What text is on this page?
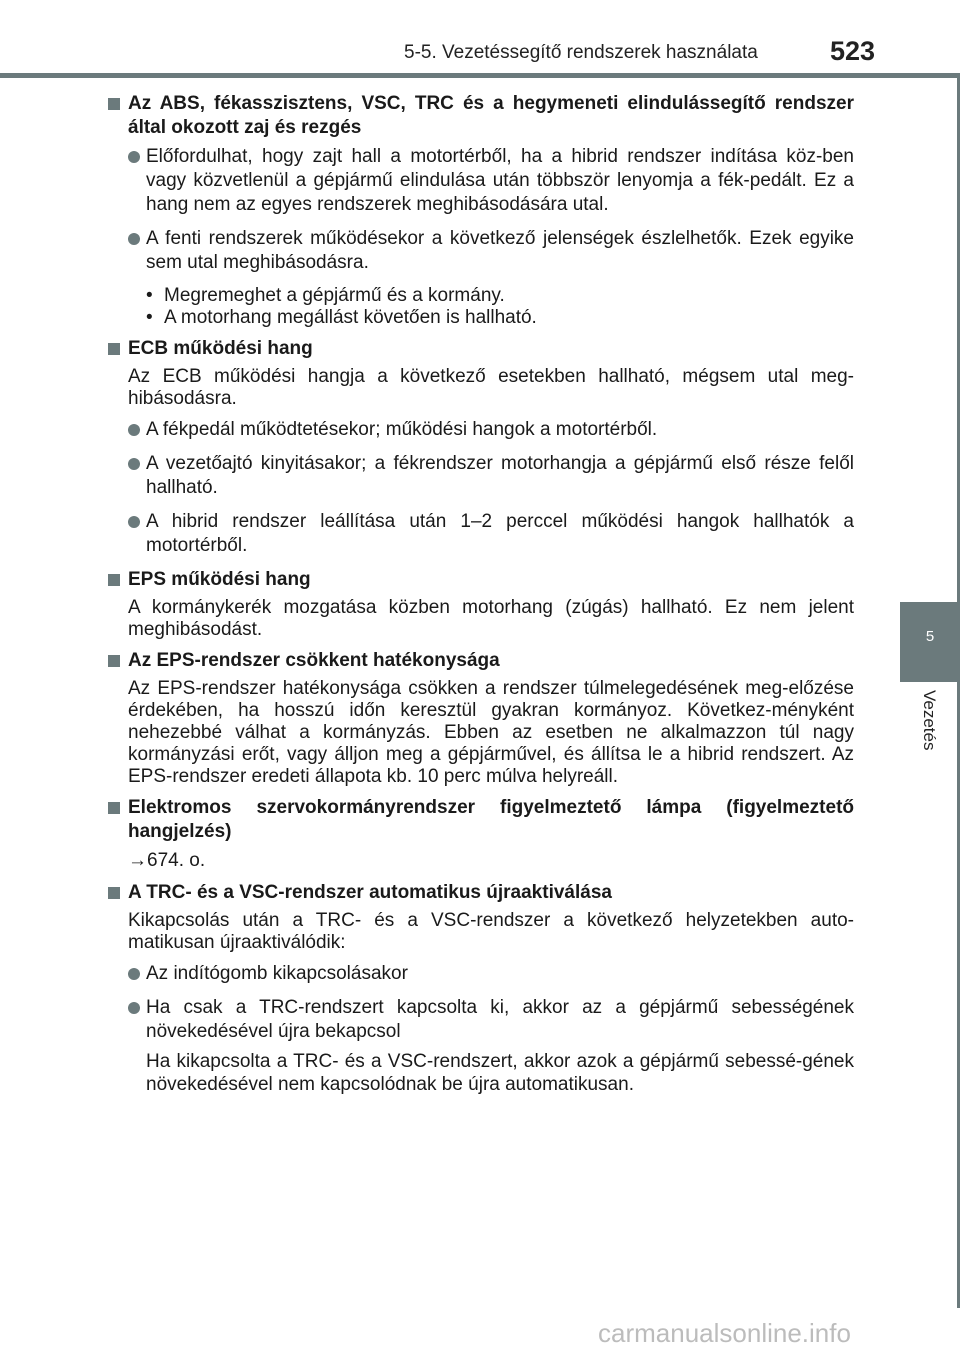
5-5. Vezetéssegítő rendszerek használata	523
5
Vezetés
Az ABS, fékasszisztens, VSC, TRC és a hegymeneti elindulássegítő rendszer által okozott zaj és rezgés
Előfordulhat, hogy zajt hall a motortérből, ha a hibrid rendszer indítása köz-ben vagy közvetlenül a gépjármű elindulása után többször lenyomja a fék-pedált. Ez a hang nem az egyes rendszerek meghibásodására utal.
A fenti rendszerek működésekor a következő jelenségek észlelhetők. Ezek egyike sem utal meghibásodásra.
• Megremeghet a gépjármű és a kormány.
• A motorhang megállást követően is hallható.
ECB működési hang
Az ECB működési hangja a következő esetekben hallható, mégsem utal meg-hibásodásra.
A fékpedál működtetésekor; működési hangok a motortérből.
A vezetőajtó kinyitásakor; a fékrendszer motorhangja a gépjármű első része felől hallható.
A hibrid rendszer leállítása után 1–2 perccel működési hangok hallhatók a motortérből.
EPS működési hang
A kormánykerék mozgatása közben motorhang (zúgás) hallható. Ez nem jelent meghibásodást.
Az EPS-rendszer csökkent hatékonysága
Az EPS-rendszer hatékonysága csökken a rendszer túlmelegedésének meg-előzése érdekében, ha hosszú időn keresztül gyakran kormányoz. Következ-ményként nehezebbé válhat a kormányzás. Ebben az esetben ne alkalmazzon túl nagy kormányzási erőt, vagy álljon meg a gépjárművel, és állítsa le a hibrid rendszert. Az EPS-rendszer eredeti állapota kb. 10 perc múlva helyreáll.
Elektromos szervokormányrendszer figyelmeztető lámpa (figyelmeztető hangjelzés)
→674. o.
A TRC- és a VSC-rendszer automatikus újraaktiválása
Kikapcsolás után a TRC- és a VSC-rendszer a következő helyzetekben auto-matikusan újraaktiválódik:
Az indítógomb kikapcsolásakor
Ha csak a TRC-rendszert kapcsolta ki, akkor az a gépjármű sebességének növekedésével újra bekapcsol
Ha kikapcsolta a TRC- és a VSC-rendszert, akkor azok a gépjármű sebessé-gének növekedésével nem kapcsolódnak be újra automatikusan.
carmanualsonline.info
